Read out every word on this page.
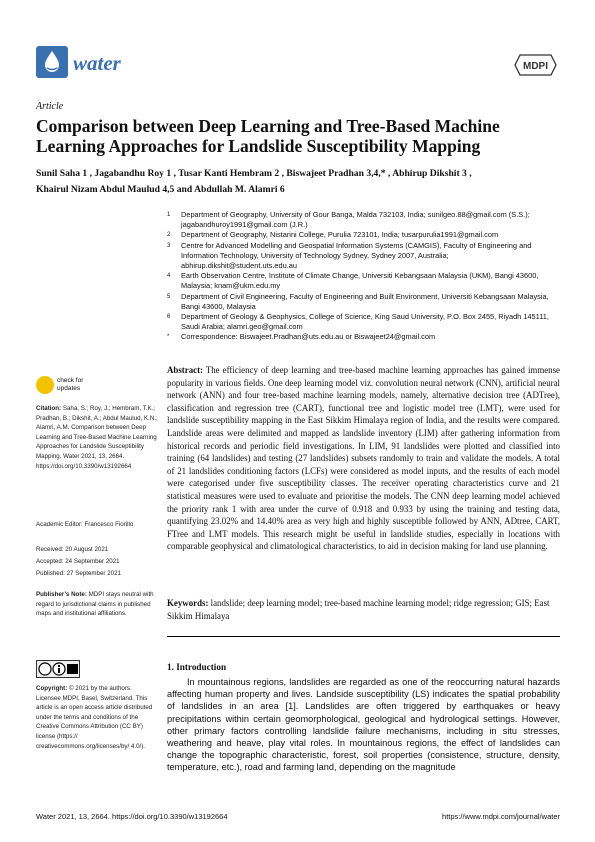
water	MDPI
Article
Comparison between Deep Learning and Tree-Based Machine Learning Approaches for Landslide Susceptibility Mapping
Sunil Saha 1 , Jagabandhu Roy 1 , Tusar Kanti Hembram 2 , Biswajeet Pradhan 3,4,* , Abhirup Dikshit 3 ,
Khairul Nizam Abdul Maulud 4,5 and Abdullah M. Alamri 6
1	Department of Geography, University of Gour Banga, Malda 732103, India; sunilgeo.88@gmail.com (S.S.); jagabandhuroy1991@gmail.com (J.R.)
2	Department of Geography, Nistarini College, Purulia 723101, India; tusarpurulia1991@gmail.com
3	Centre for Advanced Modelling and Geospatial Information Systems (CAMGIS), Faculty of Engineering and Information Technology, University of Technology Sydney, Sydney 2007, Australia; abhirup.dikshit@student.uts.edu.au
4	Earth Observation Centre, Institute of Climate Change, Universiti Kebangsaan Malaysia (UKM), Bangi 43600, Malaysia; knam@ukm.edu.my
5	Department of Civil Engineering, Faculty of Engineering and Built Environment, Universiti Kebangsaan Malaysia, Bangi 43600, Malaysia
6	Department of Geology & Geophysics, College of Science, King Saud University, P.O. Box 2455, Riyadh 145111, Saudi Arabia; alamri.geo@gmail.com
*	Correspondence: Biswajeet.Pradhan@uts.edu.au or Biswajeet24@gmail.com
check for updates
Citation: Saha, S.; Roy, J.; Hembram, T.K.; Pradhan, B.; Dikshit, A.; Abdul Maulud, K.N.; Alamri, A.M. Comparison between Deep Learning and Tree-Based Machine Learning Approaches for Landslide Susceptibility Mapping. Water 2021, 13, 2664. https://doi.org/10.3390/w13192664
Academic Editor: Francesco Fiorillo
Received: 20 August 2021
Accepted: 24 September 2021
Published: 27 September 2021
Publisher’s Note: MDPI stays neutral with regard to jurisdictional claims in published maps and institutional affiliations.
Copyright: © 2021 by the authors. Licensee MDPI, Basel, Switzerland. This article is an open access article distributed under the terms and conditions of the Creative Commons Attribution (CC BY) license (https:// creativecommons.org/licenses/by/ 4.0/).
Abstract: The efficiency of deep learning and tree-based machine learning approaches has gained immense popularity in various fields. One deep learning model viz. convolution neural network (CNN), artificial neural network (ANN) and four tree-based machine learning models, namely, alternative decision tree (ADTree), classification and regression tree (CART), functional tree and logistic model tree (LMT), were used for landslide susceptibility mapping in the East Sikkim Himalaya region of India, and the results were compared. Landslide areas were delimited and mapped as landslide inventory (LIM) after gathering information from historical records and periodic field investigations. In LIM, 91 landslides were plotted and classified into training (64 landslides) and testing (27 landslides) subsets randomly to train and validate the models. A total of 21 landslides conditioning factors (LCFs) were considered as model inputs, and the results of each model were categorised under five susceptibility classes. The receiver operating characteristics curve and 21 statistical measures were used to evaluate and prioritise the models. The CNN deep learning model achieved the priority rank 1 with area under the curve of 0.918 and 0.933 by using the training and testing data, quantifying 23.02% and 14.40% area as very high and highly susceptible followed by ANN, ADtree, CART, FTree and LMT models. This research might be useful in landslide studies, especially in locations with comparable geophysical and climatological characteristics, to aid in decision making for land use planning.
Keywords: landslide; deep learning model; tree-based machine learning model; ridge regression; GIS; East Sikkim Himalaya
1. Introduction
In mountainous regions, landslides are regarded as one of the reoccurring natural hazards affecting human property and lives. Landside susceptibility (LS) indicates the spatial probability of landslides in an area [1]. Landslides are often triggered by earthquakes or heavy precipitations within certain geomorphological, geological and hydrological settings. However, other primary factors controlling landslide failure mechanisms, including in situ stresses, weathering and heave, play vital roles. In mountainous regions, the effect of landslides can change the topographic characteristic, forest, soil properties (consistence, structure, density, temperature, etc.), road and farming land, depending on the magnitude
Water 2021, 13, 2664. https://doi.org/10.3390/w13192664	https://www.mdpi.com/journal/water
